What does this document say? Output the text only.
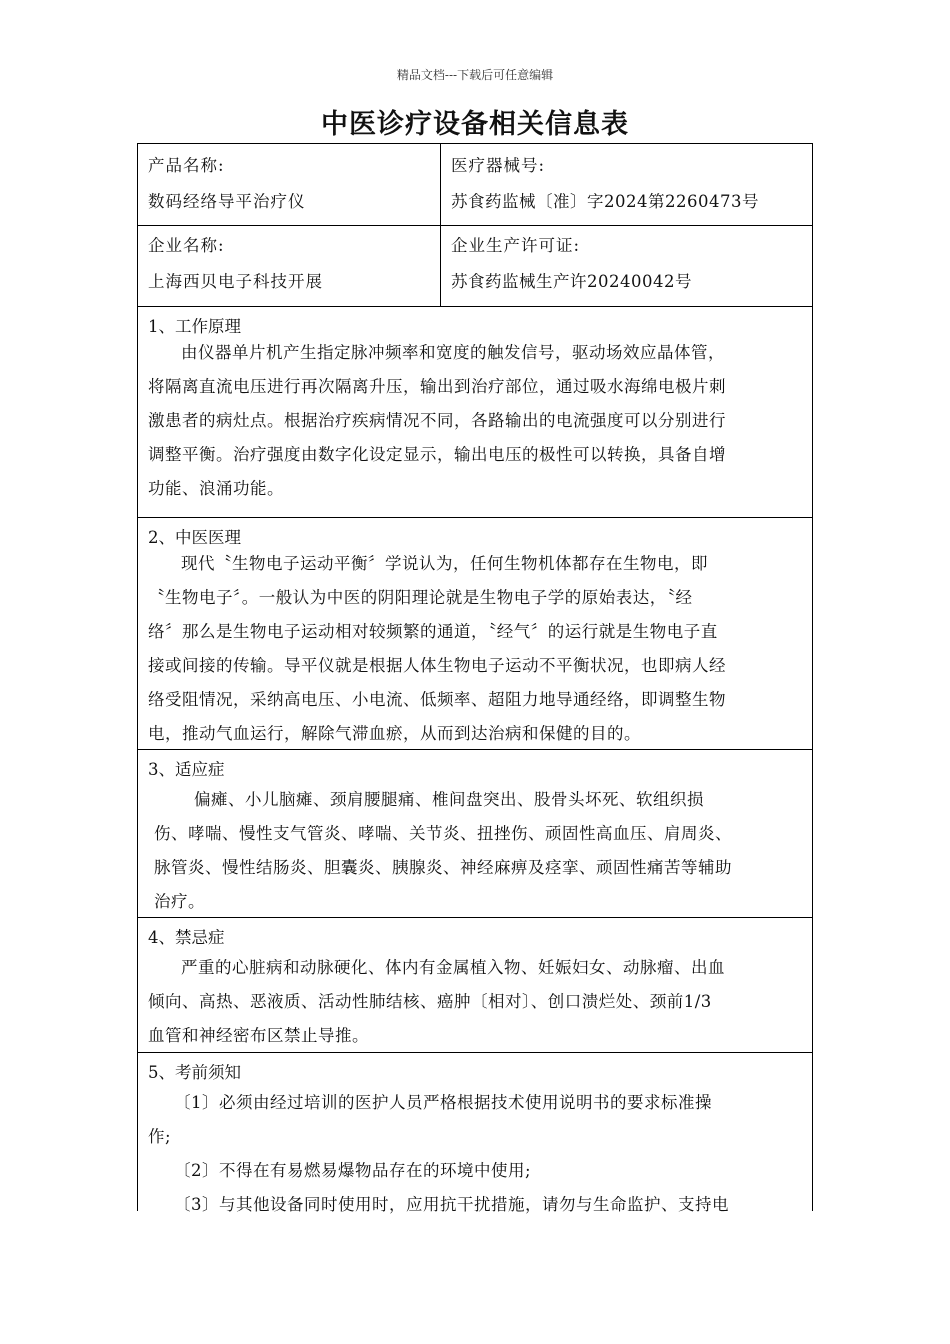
精品文档---下载后可任意编辑
中医诊疗设备相关信息表
产品名称:
数码经络导平治疗仪
医疗器械号:
苏食药监械〔准〕字2024第2260473号
企业名称:
上海西贝电子科技开展
企业生产许可证:
苏食药监械生产许20240042号
1、工作原理
由仪器单片机产生指定脉冲频率和宽度的触发信号，驱动场效应晶体管，
将隔离直流电压进行再次隔离升压，输出到治疗部位，通过吸水海绵电极片刺
激患者的病灶点。根据治疗疾病情况不同，各路输出的电流强度可以分别进行
调整平衡。治疗强度由数字化设定显示，输出电压的极性可以转换，具备自增
功能、浪涌功能。
2、中医医理
现代〝生物电子运动平衡〞学说认为，任何生物机体都存在生物电，即
〝生物电子〞。一般认为中医的阴阳理论就是生物电子学的原始表达，〝经
络〞那么是生物电子运动相对较频繁的通道，〝经气〞的运行就是生物电子直
接或间接的传输。导平仪就是根据人体生物电子运动不平衡状况，也即病人经
络受阻情况，采纳高电压、小电流、低频率、超阻力地导通经络，即调整生物
电，推动气血运行，解除气滞血瘀，从而到达治病和保健的目的。
3、适应症
偏瘫、小儿脑瘫、颈肩腰腿痛、椎间盘突出、股骨头坏死、软组织损
伤、哮喘、慢性支气管炎、哮喘、关节炎、扭挫伤、顽固性高血压、肩周炎、
脉管炎、慢性结肠炎、胆囊炎、胰腺炎、神经麻痹及痉挛、顽固性痛苦等辅助
治疗。
4、禁忌症
严重的心脏病和动脉硬化、体内有金属植入物、妊娠妇女、动脉瘤、出血
倾向、高热、恶液质、活动性肺结核、癌肿〔相对〕、创口溃烂处、颈前1/3
血管和神经密布区禁止导推。
5、考前须知
〔1〕必须由经过培训的医护人员严格根据技术使用说明书的要求标准操
作;
〔2〕不得在有易燃易爆物品存在的环境中使用;
〔3〕与其他设备同时使用时，应用抗干扰措施，请勿与生命监护、支持电
